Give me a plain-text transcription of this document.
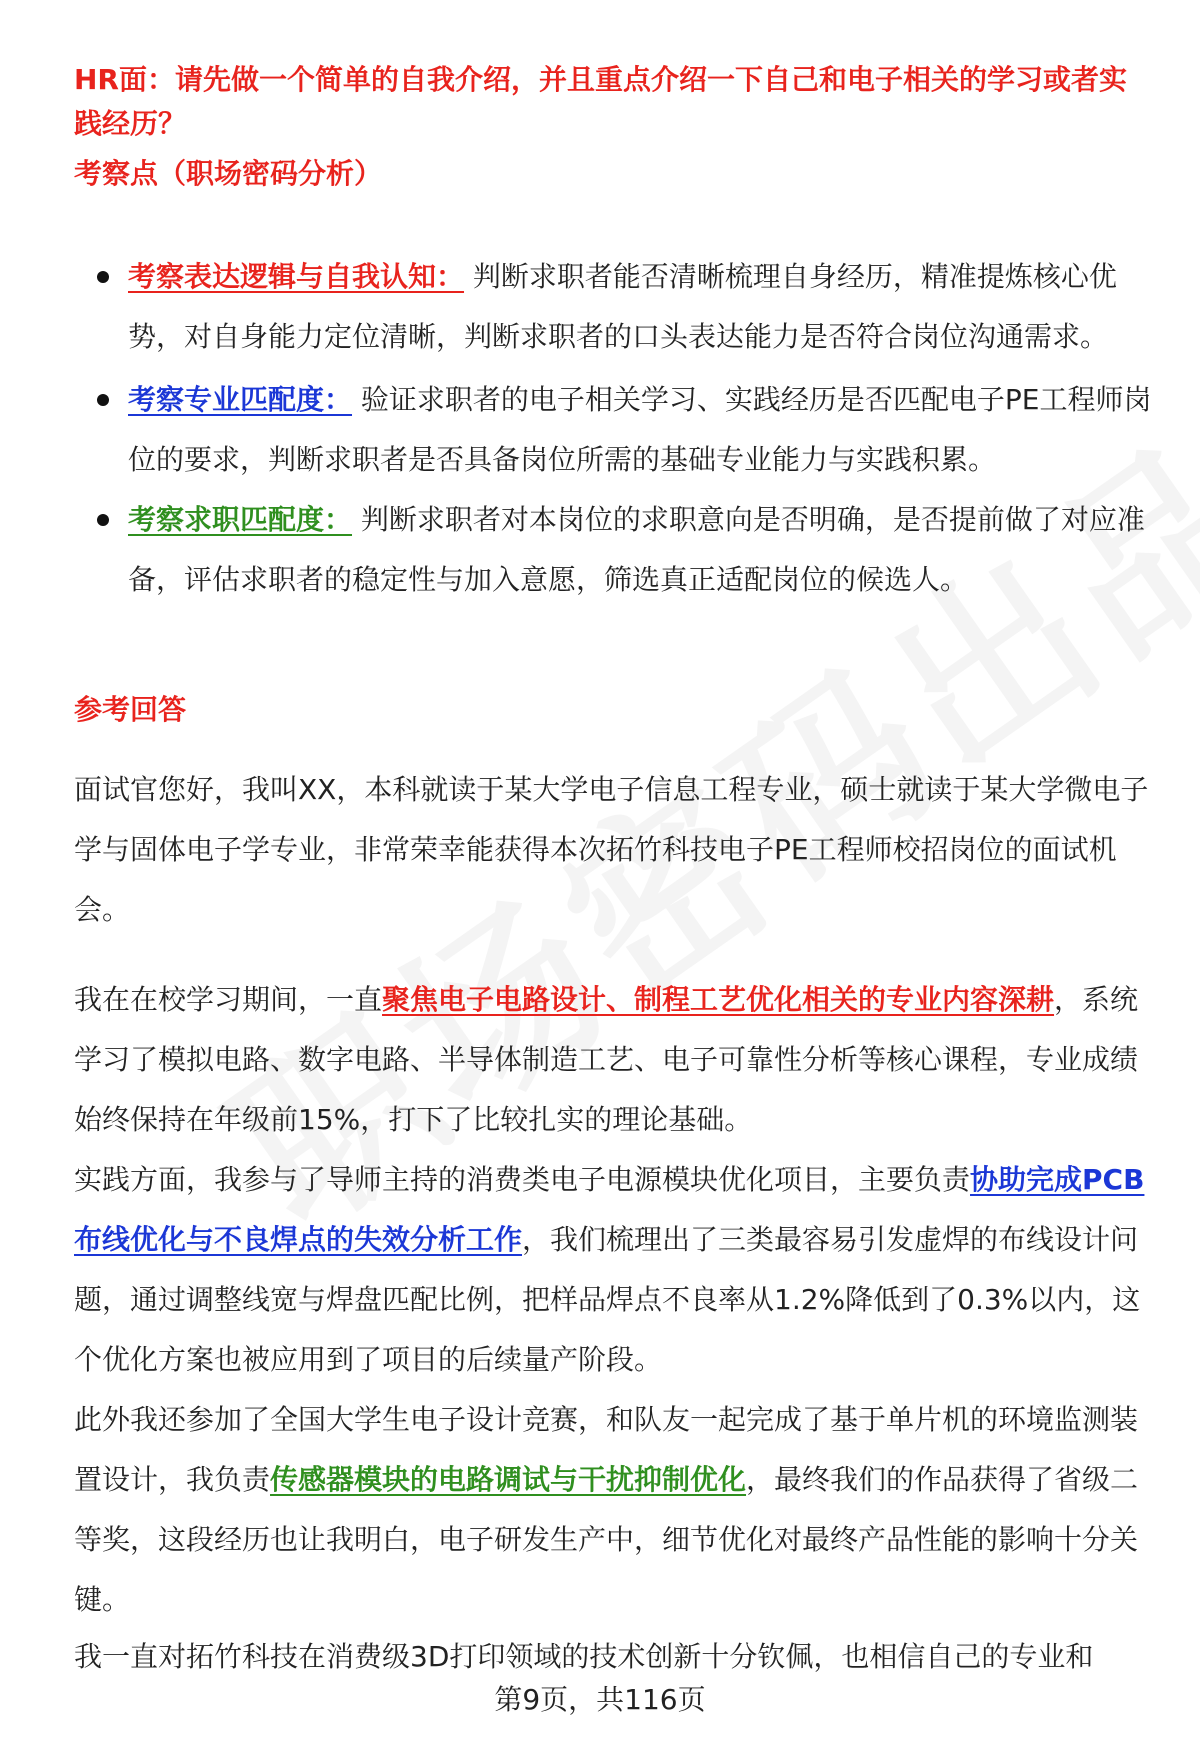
HR面：请先做一个简单的自我介绍，并且重点介绍一下自己和电子相关的学习或者实践经历？
考察点（职场密码分析）
考察表达逻辑与自我认知： 判断求职者能否清晰梳理自身经历，精准提炼核心优势，对自身能力定位清晰，判断求职者的口头表达能力是否符合岗位沟通需求。
考察专业匹配度： 验证求职者的电子相关学习、实践经历是否匹配电子PE工程师岗位的要求，判断求职者是否具备岗位所需的基础专业能力与实践积累。
考察求职匹配度： 判断求职者对本岗位的求职意向是否明确，是否提前做了对应准备，评估求职者的稳定性与加入意愿，筛选真正适配岗位的候选人。
参考回答

面试官您好，我叫XX，本科就读于某大学电子信息工程专业，硕士就读于某大学微电子学与固体电子学专业，非常荣幸能获得本次拓竹科技电子PE工程师校招岗位的面试机会。

我在在校学习期间，一直聚焦电子电路设计、制程工艺优化相关的专业内容深耕，系统学习了模拟电路、数字电路、半导体制造工艺、电子可靠性分析等核心课程，专业成绩始终保持在年级前15%，打下了比较扎实的理论基础。

实践方面，我参与了导师主持的消费类电子电源模块优化项目，主要负责协助完成PCB布线优化与不良焊点的失效分析工作，我们梳理出了三类最容易引发虚焊的布线设计问题，通过调整线宽与焊盘匹配比例，把样品焊点不良率从1.2%降低到了0.3%以内，这个优化方案也被应用到了项目的后续量产阶段。

此外我还参加了全国大学生电子设计竞赛，和队友一起完成了基于单片机的环境监测装置设计，我负责传感器模块的电路调试与干扰抑制优化，最终我们的作品获得了省级二等奖，这段经历也让我明白，电子研发生产中，细节优化对最终产品性能的影响十分关键。

我一直对拓竹科技在消费级3D打印领域的技术创新十分钦佩，也相信自己的专业和

第9页，共116页
